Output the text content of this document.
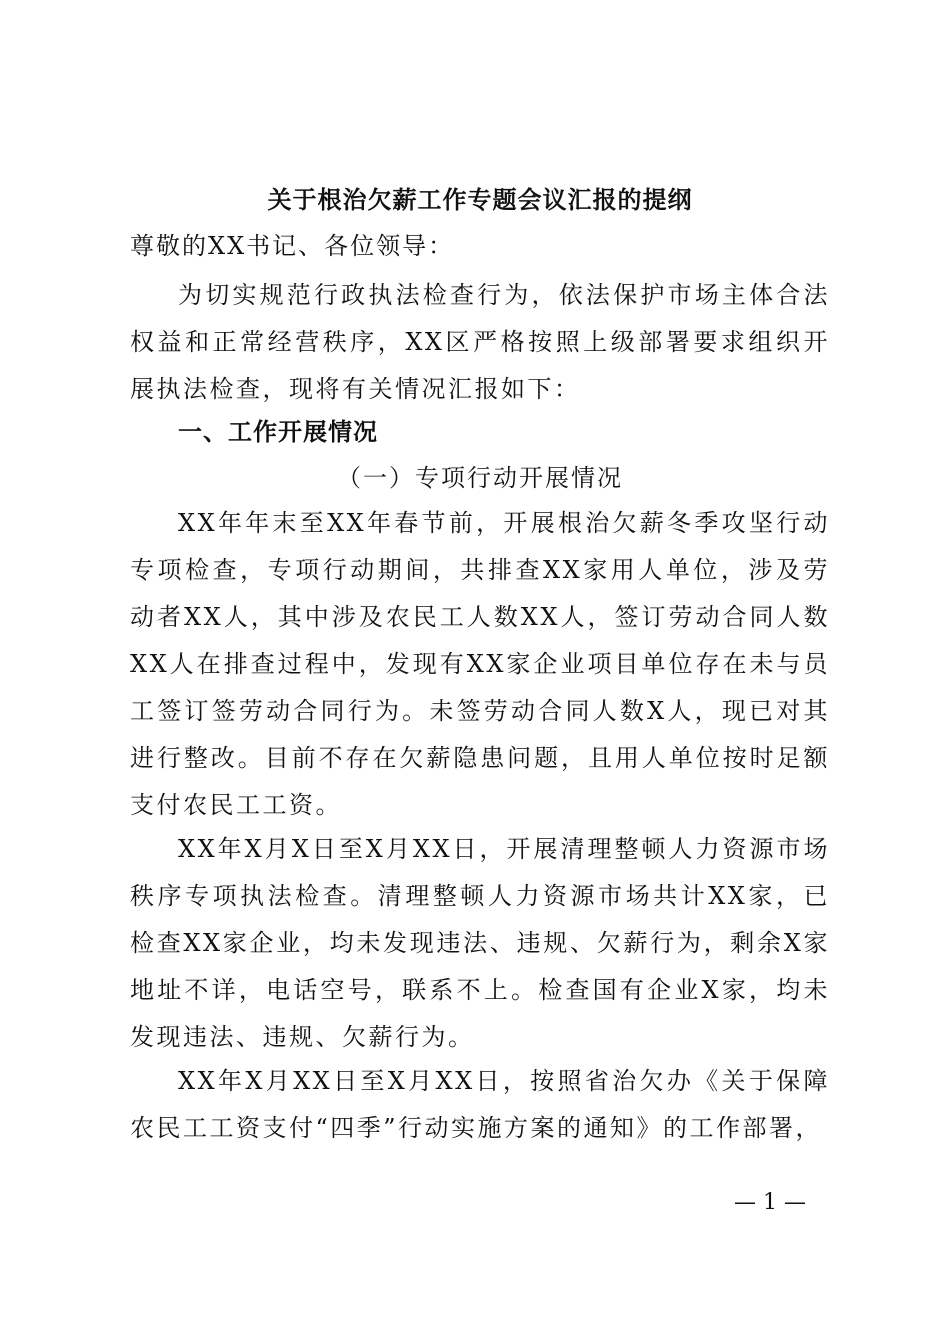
关于根治欠薪工作专题会议汇报的提纲
尊敬的XX书记、各位领导：
为切实规范行政执法检查行为，依法保护市场主体合法权益和正常经营秩序，XX区严格按照上级部署要求组织开展执法检查，现将有关情况汇报如下：
一、工作开展情况
（一）专项行动开展情况
XX年年末至XX年春节前，开展根治欠薪冬季攻坚行动专项检查，专项行动期间，共排查XX家用人单位，涉及劳动者XX人，其中涉及农民工人数XX人，签订劳动合同人数XX人在排查过程中，发现有XX家企业项目单位存在未与员工签订签劳动合同行为。未签劳动合同人数X人，现已对其进行整改。目前不存在欠薪隐患问题，且用人单位按时足额支付农民工工资。
XX年X月X日至X月XX日，开展清理整顿人力资源市场秩序专项执法检查。清理整顿人力资源市场共计XX家，已检查XX家企业，均未发现违法、违规、欠薪行为，剩余X家地址不详，电话空号，联系不上。检查国有企业X家，均未发现违法、违规、欠薪行为。
XX年X月XX日至X月XX日，按照省治欠办《关于保障农民工工资支付“四季”行动实施方案的通知》的工作部署，
— 1 —
